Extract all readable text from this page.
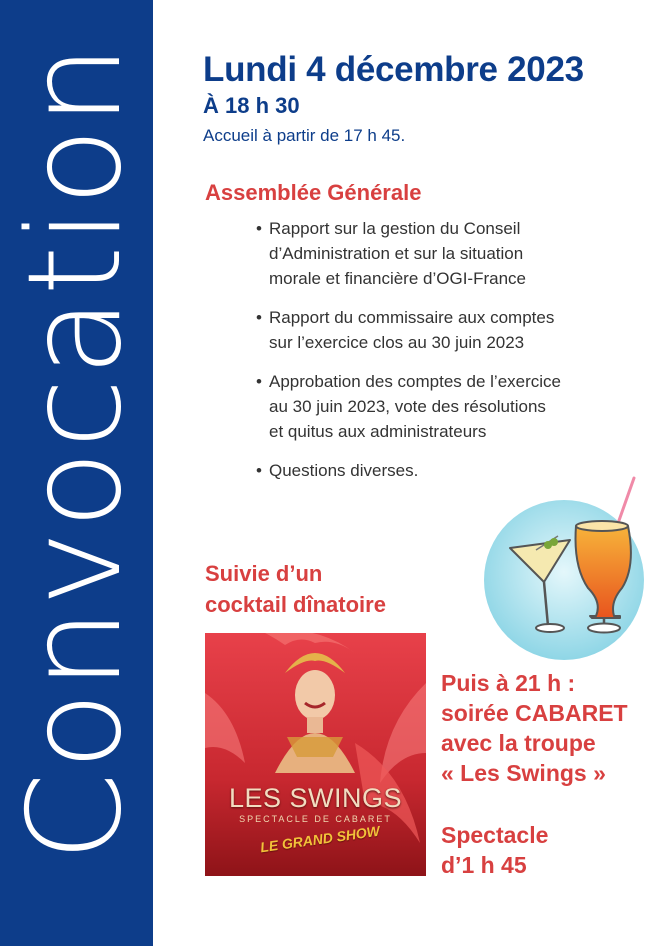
Convocation Lundi 4 décembre 2023
À 18 h 30
Accueil à partir de 17 h 45.
Assemblée Générale
• Rapport sur la gestion du Conseil
d’Administration et sur la situation
morale et financière d’OGI-France
• Rapport du commissaire aux comptes
sur l’exercice clos au 30 juin 2023
• Approbation des comptes de l’exercice
au 30 juin 2023, vote des résolutions
et quitus aux administrateurs
• Questions diverses.
Suivie d’un
cocktail dînatoire
LES SWINGS
SPECTACLE DE CABARET
LE GRAND SHOW
Puis à 21 h :
soirée CABARET
avec la troupe
« Les Swings »
Spectacle
d’1 h 45
